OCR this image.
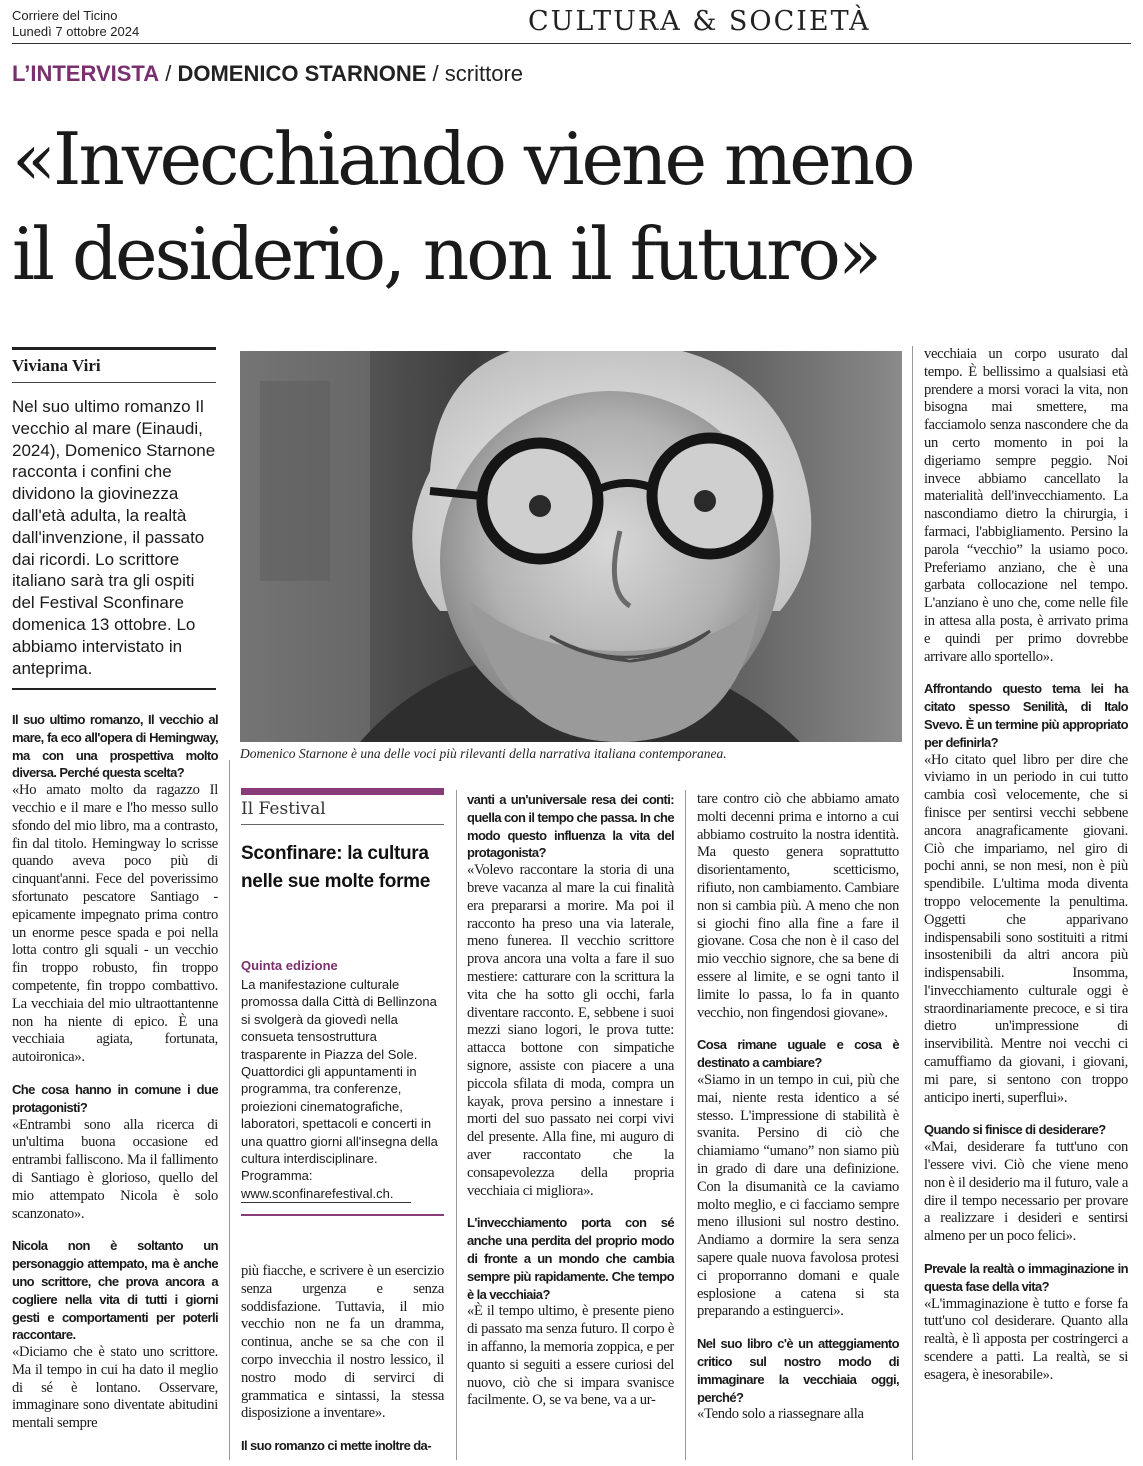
Corriere del Ticino
Lunedì 7 ottobre 2024	CULTURA & SOCIETÀ
L’INTERVISTA / DOMENICO STARNONE / scrittore
«Invecchiando viene meno
il desiderio, non il futuro»
Viviana Viri
Nel suo ultimo romanzo Il vecchio al mare (Einaudi, 2024), Domenico Starnone racconta i confini che dividono la giovinezza dall'età adulta, la realtà dall'invenzione, il passato dai ricordi. Lo scrittore italiano sarà tra gli ospiti del Festival Sconfinare domenica 13 ottobre. Lo abbiamo intervistato in anteprima.
Domenico Starnone è una delle voci più rilevanti della narrativa italiana contemporanea.

Il suo ultimo romanzo, Il vecchio al mare, fa eco all'opera di Hemingway, ma con una prospettiva molto diversa. Perché questa scelta?

«Ho amato molto da ragazzo Il vecchio e il mare e l'ho messo sullo sfondo del mio libro, ma a contrasto, fin dal titolo. Hemingway lo scrisse quando aveva poco più di cinquant'anni. Fece del poverissimo sfortunato pescatore Santiago - epicamente impegnato prima contro un enorme pesce spada e poi nella lotta contro gli squali - un vecchio fin troppo robusto, fin troppo competente, fin troppo combattivo. La vecchiaia del mio ultraottantenne non ha niente di epico. È una vecchiaia agiata, fortunata, autoironica».

Che cosa hanno in comune i due protagonisti?

«Entrambi sono alla ricerca di un'ultima buona occasione ed entrambi falliscono. Ma il fallimento di Santiago è glorioso, quello del mio attempato Nicola è solo scanzonato».

Nicola non è soltanto un personaggio attempato, ma è anche uno scrittore, che prova ancora a cogliere nella vita di tutti i giorni gesti e comportamenti per poterli raccontare.

«Diciamo che è stato uno scrittore. Ma il tempo in cui ha dato il meglio di sé è lontano. Osservare, immaginare sono diventate abitudini mentali sempre

Il Festival
Sconfinare: la cultura nelle sue molte forme
Quinta edizione
La manifestazione culturale promossa dalla Città di Bellinzona si svolgerà da giovedì nella consueta tensostruttura trasparente in Piazza del Sole. Quattordici gli appuntamenti in programma, tra conferenze, proiezioni cinematografiche, laboratori, spettacoli e concerti in una quattro giorni all'insegna della cultura interdisciplinare. Programma:
www.sconfinarefestival.ch.

più fiacche, e scrivere è un esercizio senza urgenza e senza soddisfazione. Tuttavia, il mio vecchio non ne fa un dramma, continua, anche se sa che con il corpo invecchia il nostro lessico, il nostro modo di servirci di grammatica e sintassi, la stessa disposizione a inventare».

Il suo romanzo ci mette inoltre da-

vanti a un'universale resa dei conti: quella con il tempo che passa. In che modo questo influenza la vita del protagonista?

«Volevo raccontare la storia di una breve vacanza al mare la cui finalità era prepararsi a morire. Ma poi il racconto ha preso una via laterale, meno funerea. Il vecchio scrittore prova ancora una volta a fare il suo mestiere: catturare con la scrittura la vita che ha sotto gli occhi, farla diventare racconto. E, sebbene i suoi mezzi siano logori, le prova tutte: attacca bottone con simpatiche signore, assiste con piacere a una piccola sfilata di moda, compra un kayak, prova persino a innestare i morti del suo passato nei corpi vivi del presente. Alla fine, mi auguro di aver raccontato che la consapevolezza della propria vecchiaia ci migliora».

L'invecchiamento porta con sé anche una perdita del proprio modo di fronte a un mondo che cambia sempre più rapidamente. Che tempo è la vecchiaia?

«È il tempo ultimo, è presente pieno di passato ma senza futuro. Il corpo è in affanno, la memoria zoppica, e per quanto si seguiti a essere curiosi del nuovo, ciò che si impara svanisce facilmente. O, se va bene, va a ur-

tare contro ciò che abbiamo amato molti decenni prima e intorno a cui abbiamo costruito la nostra identità. Ma questo genera soprattutto disorientamento, scetticismo, rifiuto, non cambiamento. Cambiare non si cambia più. A meno che non si giochi fino alla fine a fare il giovane. Cosa che non è il caso del mio vecchio signore, che sa bene di essere al limite, e se ogni tanto il limite lo passa, lo fa in quanto vecchio, non fingendosi giovane».

Cosa rimane uguale e cosa è destinato a cambiare?

«Siamo in un tempo in cui, più che mai, niente resta identico a sé stesso. L'impressione di stabilità è svanita. Persino di ciò che chiamiamo “umano” non siamo più in grado di dare una definizione. Con la disumanità ce la caviamo molto meglio, e ci facciamo sempre meno illusioni sul nostro destino. Andiamo a dormire la sera senza sapere quale nuova favolosa protesi ci proporranno domani e quale esplosione a catena si sta preparando a estinguerci».

Nel suo libro c'è un atteggiamento critico sul nostro modo di immaginare la vecchiaia oggi, perché?

«Tendo solo a riassegnare alla

vecchiaia un corpo usurato dal tempo. È bellissimo a qualsiasi età prendere a morsi voraci la vita, non bisogna mai smettere, ma facciamolo senza nascondere che da un certo momento in poi la digeriamo sempre peggio. Noi invece abbiamo cancellato la materialità dell'invecchiamento. La nascondiamo dietro la chirurgia, i farmaci, l'abbigliamento. Persino la parola “vecchio” la usiamo poco. Preferiamo anziano, che è una garbata collocazione nel tempo. L'anziano è uno che, come nelle file in attesa alla posta, è arrivato prima e quindi per primo dovrebbe arrivare allo sportello».

Affrontando questo tema lei ha citato spesso Senilità, di Italo Svevo. È un termine più appropriato per definirla?

«Ho citato quel libro per dire che viviamo in un periodo in cui tutto cambia così velocemente, che si finisce per sentirsi vecchi sebbene ancora anagraficamente giovani. Ciò che impariamo, nel giro di pochi anni, se non mesi, non è più spendibile. L'ultima moda diventa troppo velocemente la penultima. Oggetti che apparivano indispensabili sono sostituiti a ritmi insostenibili da altri ancora più indispensabili. Insomma, l'invecchiamento culturale oggi è straordinariamente precoce, e si tira dietro un'impressione di inservibilità. Mentre noi vecchi ci camuffiamo da giovani, i giovani, mi pare, si sentono con troppo anticipo inerti, superflui».

Quando si finisce di desiderare?

«Mai, desiderare fa tutt'uno con l'essere vivi. Ciò che viene meno non è il desiderio ma il futuro, vale a dire il tempo necessario per provare a realizzare i desideri e sentirsi almeno per un poco felici».

Prevale la realtà o immaginazione in questa fase della vita?

«L'immaginazione è tutto e forse fa tutt'uno col desiderare. Quanto alla realtà, è lì apposta per costringerci a scendere a patti. La realtà, se si esagera, è inesorabile».
